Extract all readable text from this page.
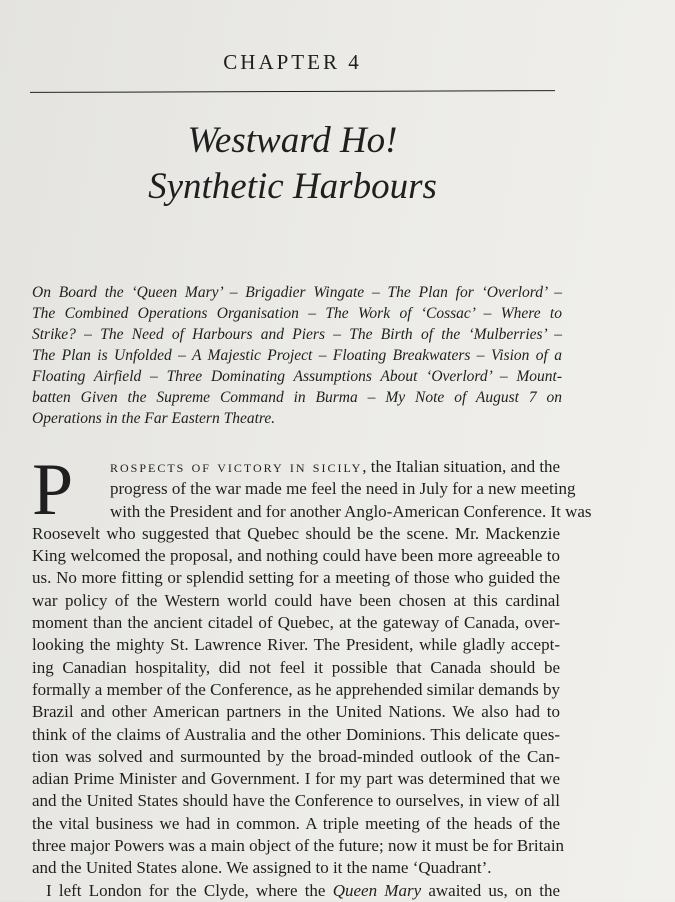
CHAPTER 4
Westward Ho!
Synthetic Harbours
On Board the ‘Queen Mary’ – Brigadier Wingate – The Plan for ‘Overlord’ –
The Combined Operations Organisation – The Work of ‘Cossac’ – Where to
Strike? – The Need of Harbours and Piers – The Birth of the ‘Mulberries’ –
The Plan is Unfolded – A Majestic Project – Floating Breakwaters – Vision of a
Floating Airfield – Three Dominating Assumptions About ‘Overlord’ – Mount-
batten Given the Supreme Command in Burma – My Note of August 7 on
Operations in the Far Eastern Theatre.
P	rospects of victory in sicily, the Italian situation, and the
progress of the war made me feel the need in July for a new meeting
with the President and for another Anglo-American Conference. It was
Roosevelt who suggested that Quebec should be the scene. Mr. Mackenzie
King welcomed the proposal, and nothing could have been more agreeable to
us. No more fitting or splendid setting for a meeting of those who guided the
war policy of the Western world could have been chosen at this cardinal
moment than the ancient citadel of Quebec, at the gateway of Canada, over-
looking the mighty St. Lawrence River. The President, while gladly accept-
ing Canadian hospitality, did not feel it possible that Canada should be
formally a member of the Conference, as he apprehended similar demands by
Brazil and other American partners in the United Nations. We also had to
think of the claims of Australia and the other Dominions. This delicate ques-
tion was solved and surmounted by the broad-minded outlook of the Can-
adian Prime Minister and Government. I for my part was determined that we
and the United States should have the Conference to ourselves, in view of all
the vital business we had in common. A triple meeting of the heads of the
three major Powers was a main object of the future; now it must be for Britain
and the United States alone. We assigned to it the name ‘Quadrant’.
I left London for the Clyde, where the Queen Mary awaited us, on the
